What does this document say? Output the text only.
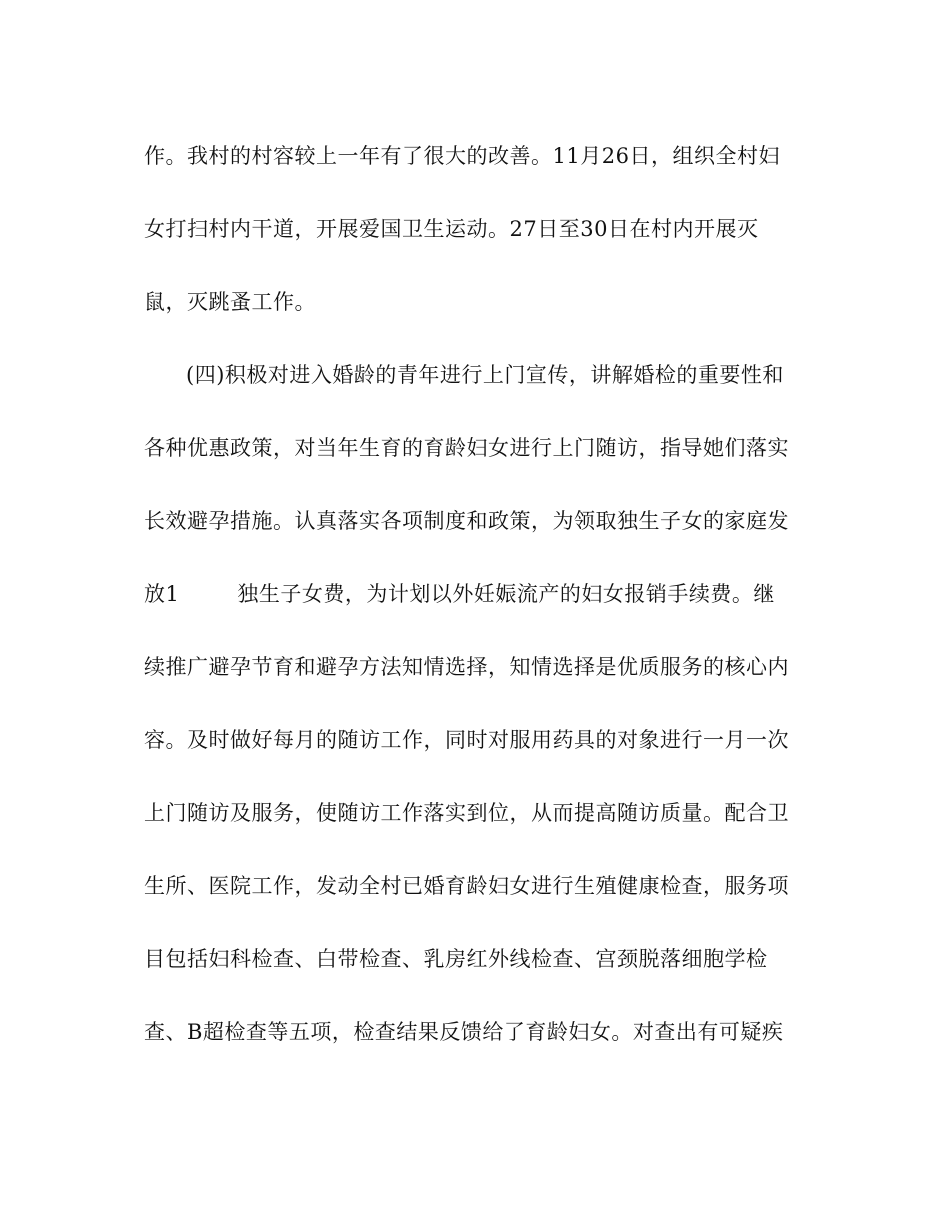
作。我村的村容较上一年有了很大的改善。11月26日，组织全村妇
女打扫村内干道，开展爱国卫生运动。27日至30日在村内开展灭
鼠，灭跳蚤工作。
(四)积极对进入婚龄的青年进行上门宣传，讲解婚检的重要性和
各种优惠政策，对当年生育的育龄妇女进行上门随访，指导她们落实
长效避孕措施。认真落实各项制度和政策，为领取独生子女的家庭发
放1	独生子女费，为计划以外妊娠流产的妇女报销手续费。继
续推广避孕节育和避孕方法知情选择，知情选择是优质服务的核心内
容。及时做好每月的随访工作，同时对服用药具的对象进行一月一次
上门随访及服务，使随访工作落实到位，从而提高随访质量。配合卫
生所、医院工作，发动全村已婚育龄妇女进行生殖健康检查，服务项
目包括妇科检查、白带检查、乳房红外线检查、宫颈脱落细胞学检
查、B超检查等五项，检查结果反馈给了育龄妇女。对查出有可疑疾
